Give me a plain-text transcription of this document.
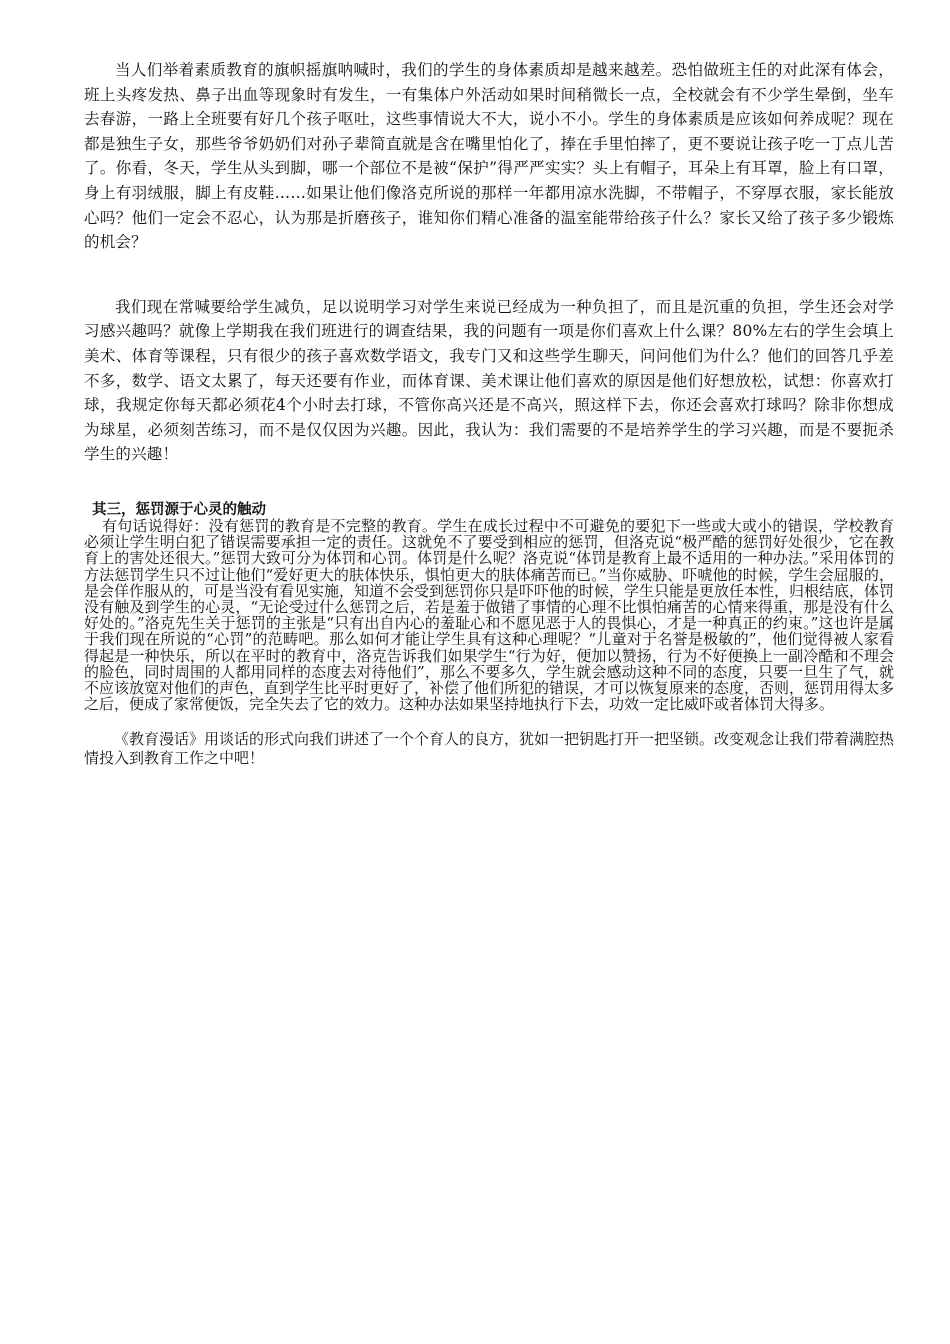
当人们举着素质教育的旗帜摇旗呐喊时，我们的学生的身体素质却是越来越差。恐怕做班主任的对此深有体会，班上头疼发热、鼻子出血等现象时有发生，一有集体户外活动如果时间稍微长一点，全校就会有不少学生晕倒，坐车去春游，一路上全班要有好几个孩子呕吐，这些事情说大不大，说小不小。学生的身体素质是应该如何养成呢？现在都是独生子女，那些爷爷奶奶们对孙子辈简直就是含在嘴里怕化了，捧在手里怕摔了，更不要说让孩子吃一丁点儿苦了。你看，冬天，学生从头到脚，哪一个部位不是被“保护”得严严实实？头上有帽子，耳朵上有耳罩，脸上有口罩，身上有羽绒服，脚上有皮鞋……如果让他们像洛克所说的那样一年都用凉水洗脚，不带帽子，不穿厚衣服，家长能放心吗？他们一定会不忍心，认为那是折磨孩子，谁知你们精心准备的温室能带给孩子什么？家长又给了孩子多少锻炼的机会？

我们现在常喊要给学生减负，足以说明学习对学生来说已经成为一种负担了，而且是沉重的负担，学生还会对学习感兴趣吗？就像上学期我在我们班进行的调查结果，我的问题有一项是你们喜欢上什么课？80%左右的学生会填上美术、体育等课程，只有很少的孩子喜欢数学语文，我专门又和这些学生聊天，问问他们为什么？他们的回答几乎差不多，数学、语文太累了，每天还要有作业，而体育课、美术课让他们喜欢的原因是他们好想放松，试想：你喜欢打球，我规定你每天都必须花4个小时去打球，不管你高兴还是不高兴，照这样下去，你还会喜欢打球吗？除非你想成为球星，必须刻苦练习，而不是仅仅因为兴趣。因此，我认为：我们需要的不是培养学生的学习兴趣，而是不要扼杀学生的兴趣！

其三，惩罚源于心灵的触动

有句话说得好：没有惩罚的教育是不完整的教育。学生在成长过程中不可避免的要犯下一些或大或小的错误，学校教育必须让学生明白犯了错误需要承担一定的责任。这就免不了要受到相应的惩罚，但洛克说“极严酷的惩罚好处很少，它在教育上的害处还很大。”惩罚大致可分为体罚和心罚。体罚是什么呢？洛克说“体罚是教育上最不适用的一种办法。”采用体罚的方法惩罚学生只不过让他们“爱好更大的肤体快乐，惧怕更大的肤体痛苦而已。”当你威胁、吓唬他的时候，学生会屈服的，是会佯作服从的，可是当没有看见实施，知道不会受到惩罚你只是吓吓他的时候，学生只能是更放任本性，归根结底，体罚没有触及到学生的心灵，“无论受过什么惩罚之后，若是羞于做错了事情的心理不比惧怕痛苦的心情来得重，那是没有什么好处的。”洛克先生关于惩罚的主张是“只有出自内心的羞耻心和不愿见恶于人的畏惧心，才是一种真正的约束。”这也许是属于我们现在所说的“心罚”的范畴吧。那么如何才能让学生具有这种心理呢？“儿童对于名誉是极敏的”，他们觉得被人家看得起是一种快乐，所以在平时的教育中，洛克告诉我们如果学生“行为好，便加以赞扬，行为不好便换上一副冷酷和不理会的脸色，同时周围的人都用同样的态度去对待他们”，那么不要多久，学生就会感动这种不同的态度，只要一旦生了气，就不应该放宽对他们的声色，直到学生比平时更好了，补偿了他们所犯的错误，才可以恢复原来的态度，否则，惩罚用得太多之后，便成了家常便饭，完全失去了它的效力。这种办法如果坚持地执行下去，功效一定比威吓或者体罚大得多。

《教育漫话》用谈话的形式向我们讲述了一个个育人的良方，犹如一把钥匙打开一把坚锁。改变观念让我们带着满腔热情投入到教育工作之中吧！
